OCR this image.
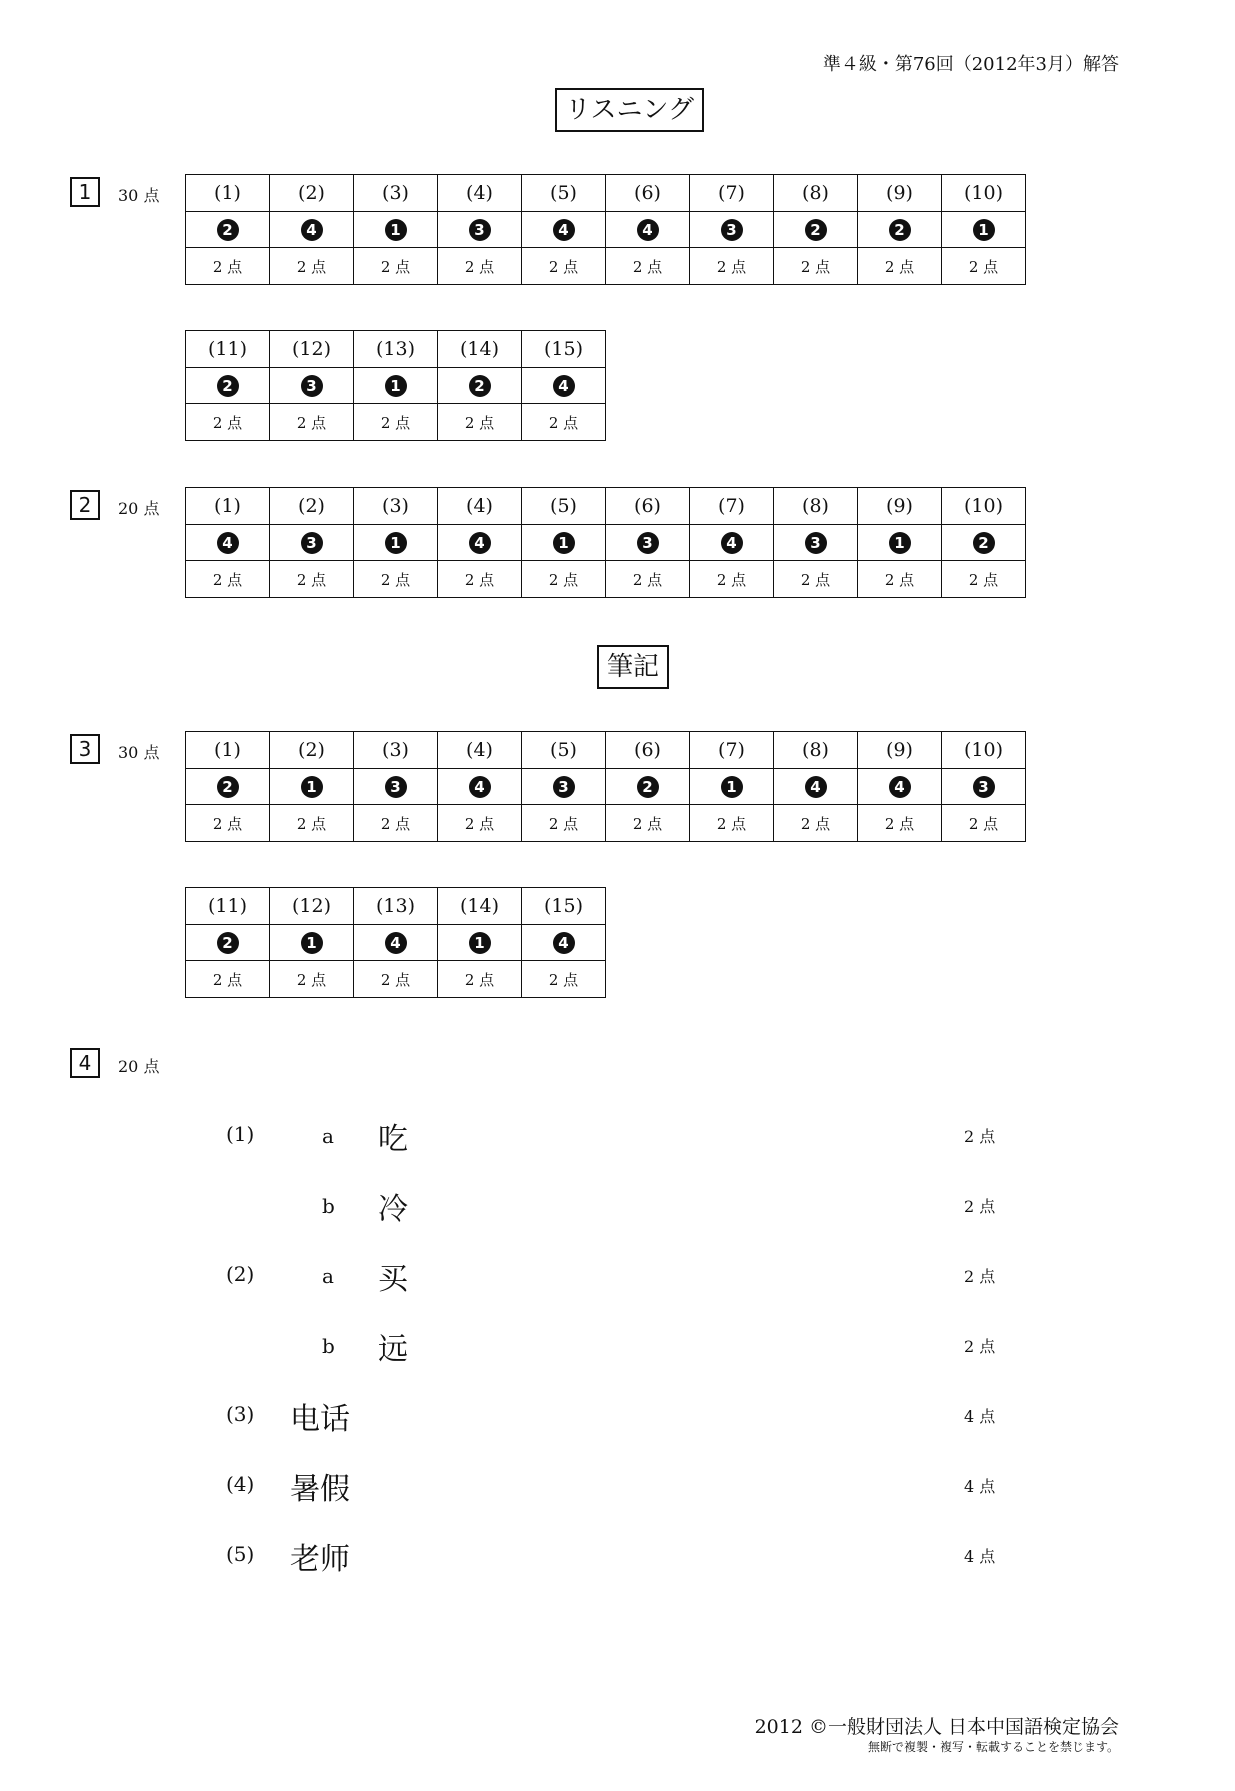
準４級・第76回（2012年3月）解答
リスニング
1	30 点	(1)	(2)	(3)	(4)	(5)	(6)	(7)	(8)	(9)	(10)
2	4	1	3	4	4	3	2	2	1
2 点	2 点	2 点	2 点	2 点	2 点	2 点	2 点	2 点	2 点
(11)	(12)	(13)	(14)	(15)
2	3	1	2	4
2 点	2 点	2 点	2 点	2 点
2	20 点	(1)	(2)	(3)	(4)	(5)	(6)	(7)	(8)	(9)	(10)
4	3	1	4	1	3	4	3	1	2
2 点	2 点	2 点	2 点	2 点	2 点	2 点	2 点	2 点	2 点
筆記
3	30 点	(1)	(2)	(3)	(4)	(5)	(6)	(7)	(8)	(9)	(10)
2	1	3	4	3	2	1	4	4	3
2 点	2 点	2 点	2 点	2 点	2 点	2 点	2 点	2 点	2 点
(11)	(12)	(13)	(14)	(15)
2	1	4	1	4
2 点	2 点	2 点	2 点	2 点
4	20 点
(1)	a 吃	2 点
b 冷	2 点
(2)	a 买	2 点
b 远	2 点
(3) 电话	4 点
(4) 暑假	4 点
(5) 老师	4 点
2012 ©一般財団法人 日本中国語検定協会
無断で複製・複写・転載することを禁じます。
